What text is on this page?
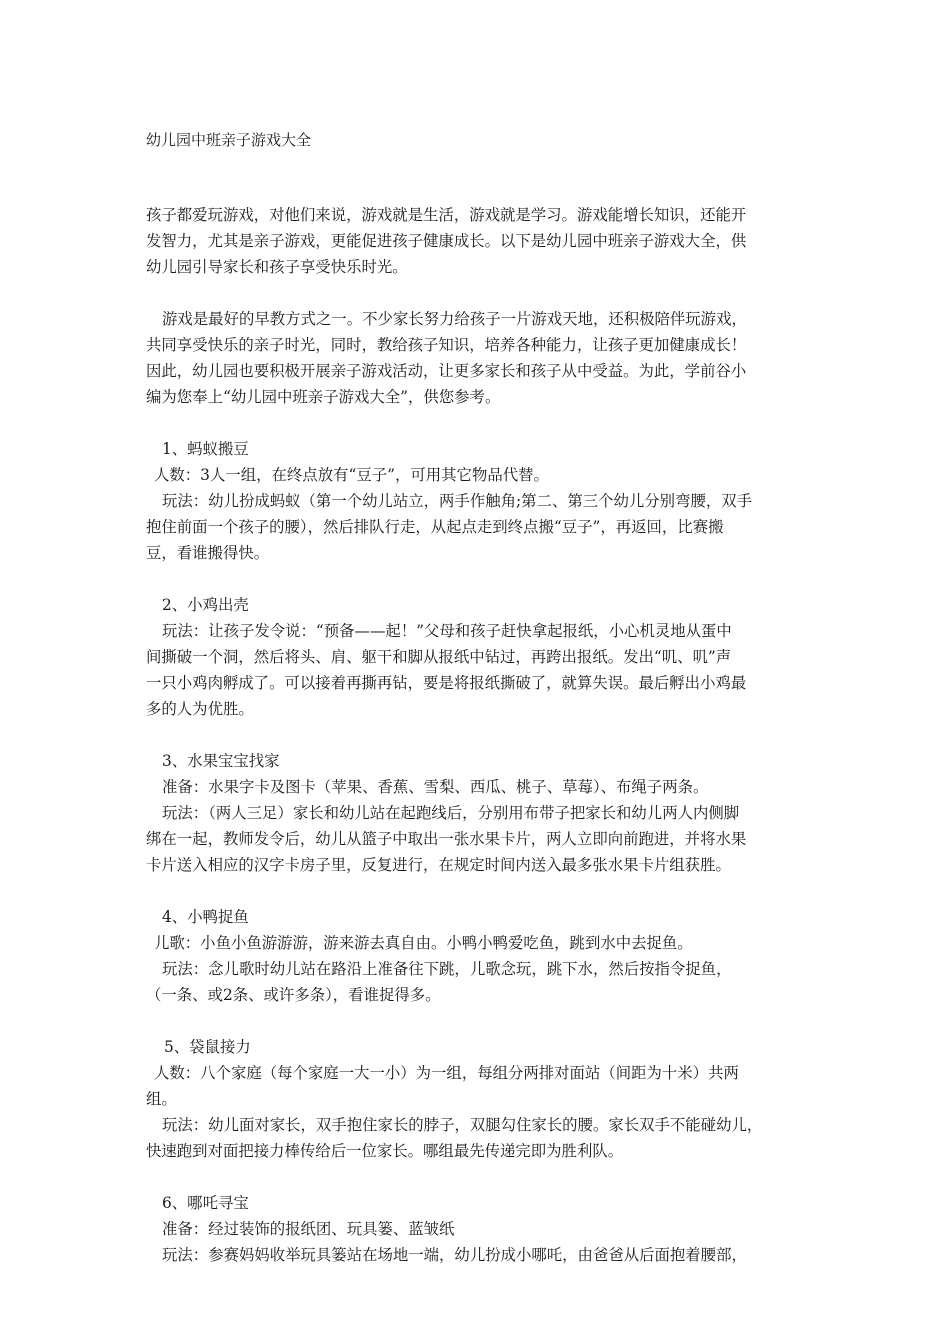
幼儿园中班亲子游戏大全
孩子都爱玩游戏，对他们来说，游戏就是生活，游戏就是学习。游戏能增长知识，还能开
发智力，尤其是亲子游戏，更能促进孩子健康成长。以下是幼儿园中班亲子游戏大全，供
幼儿园引导家长和孩子享受快乐时光。
游戏是最好的早教方式之一。不少家长努力给孩子一片游戏天地，还积极陪伴玩游戏，
共同享受快乐的亲子时光，同时，教给孩子知识，培养各种能力，让孩子更加健康成长！
因此，幼儿园也要积极开展亲子游戏活动，让更多家长和孩子从中受益。为此，学前谷小
编为您奉上“幼儿园中班亲子游戏大全”，供您参考。
1、蚂蚁搬豆
人数：3人一组，在终点放有“豆子”，可用其它物品代替。
玩法：幼儿扮成蚂蚁（第一个幼儿站立，两手作触角;第二、第三个幼儿分别弯腰，双手
抱住前面一个孩子的腰），然后排队行走，从起点走到终点搬“豆子”，再返回，比赛搬
豆，看谁搬得快。
2、小鸡出壳
玩法：让孩子发令说：“预备——起！”父母和孩子赶快拿起报纸，小心机灵地从蛋中
间撕破一个洞，然后将头、肩、躯干和脚从报纸中钻过，再跨出报纸。发出“叽、叽”声
一只小鸡肉孵成了。可以接着再撕再钻，要是将报纸撕破了，就算失误。最后孵出小鸡最
多的人为优胜。
3、水果宝宝找家
准备：水果字卡及图卡（苹果、香蕉、雪梨、西瓜、桃子、草莓）、布绳子两条。
玩法：（两人三足）家长和幼儿站在起跑线后，分别用布带子把家长和幼儿两人内侧脚
绑在一起，教师发令后，幼儿从篮子中取出一张水果卡片，两人立即向前跑进，并将水果
卡片送入相应的汉字卡房子里，反复进行，在规定时间内送入最多张水果卡片组获胜。
4、小鸭捉鱼
儿歌：小鱼小鱼游游游，游来游去真自由。小鸭小鸭爱吃鱼，跳到水中去捉鱼。
玩法：念儿歌时幼儿站在路沿上准备往下跳，儿歌念玩，跳下水，然后按指令捉鱼，
（一条、或2条、或许多条），看谁捉得多。
5、袋鼠接力
人数：八个家庭（每个家庭一大一小）为一组，每组分两排对面站（间距为十米）共两
组。
玩法：幼儿面对家长，双手抱住家长的脖子，双腿勾住家长的腰。家长双手不能碰幼儿，
快速跑到对面把接力棒传给后一位家长。哪组最先传递完即为胜利队。
6、哪吒寻宝
准备：经过装饰的报纸团、玩具篓、蓝皱纸
玩法：参赛妈妈收举玩具篓站在场地一端，幼儿扮成小哪吒，由爸爸从后面抱着腰部，
